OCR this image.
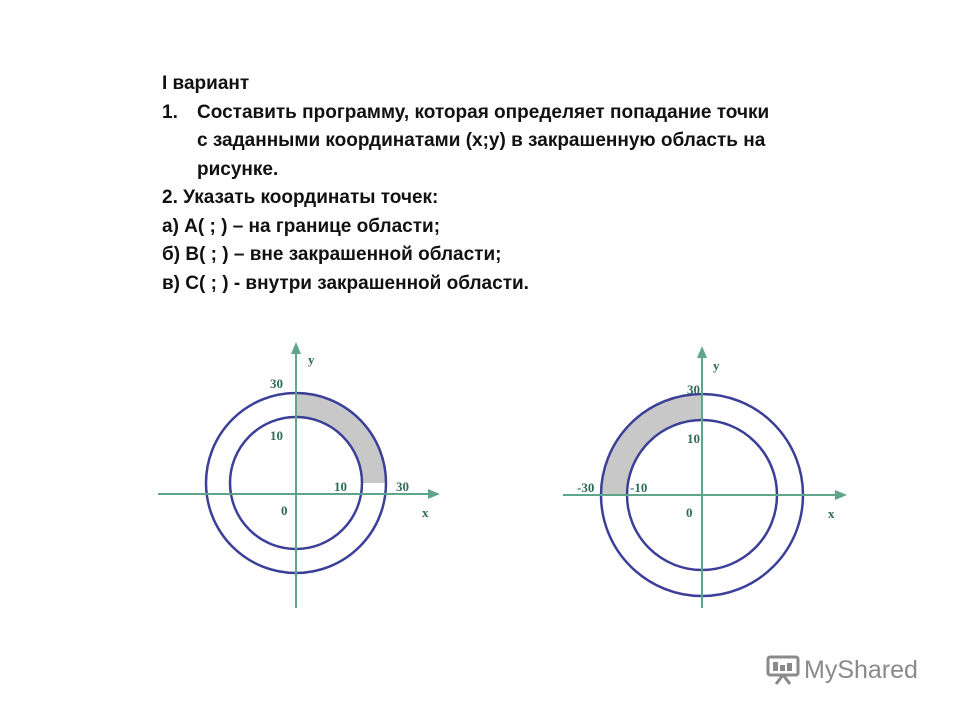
I вариант
1. Составить программу, которая определяет попадание точки
с заданными координатами (x;y) в закрашенную область на
рисунке.
2. Указать координаты точек:
а) А( ; ) – на границе области;
б) В( ; ) – вне закрашенной области;
в) С( ; ) - внутри закрашенной области.
y
x
30
10
10	30
0
y
x
30
10
-30	-10
0
MyShared
